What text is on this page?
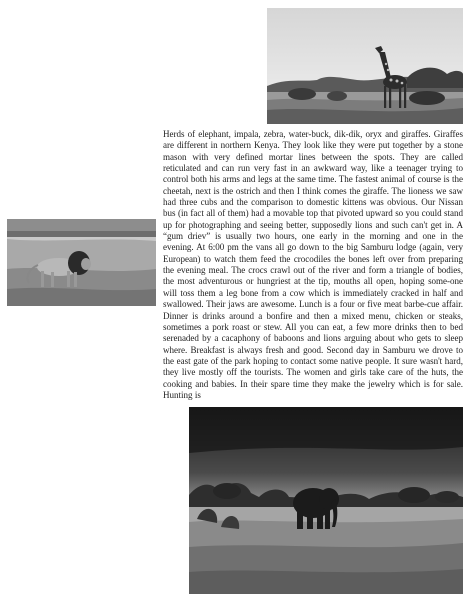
Herds of elephant, impala, zebra, water-buck, dik-dik, oryx and giraffes. Giraffes are different in northern Kenya. They look like they were put together by a stone mason with very defined mortar lines between the spots. They are called reticulated and can run very fast in an awkward way, like a teenager trying to control both his arms and legs at the same time. The fastest animal of course is the cheetah, next is the ostrich and then I think comes the giraffe. The lioness we saw had three cubs and the comparison to domestic kittens was obvious. Our Nissan bus (in fact all of them) had a movable top that pivoted upward so you could stand up for photographing and seeing better, supposedly lions and such can't get in. A “gum driev” is usually two hours, one early in the morning and one in the evening. At 6:00 pm the vans all go down to the big Samburu lodge (again, very European) to watch them feed the crocodiles the bones left over from preparing the evening meal. The crocs crawl out of the river and form a triangle of bodies, the most adventurous or hungriest at the tip, mouths all open, hoping some-one will toss them a leg bone from a cow which is immediately cracked in half and swallowed. Their jaws are awesome. Lunch is a four or five meat barbe-cue affair. Dinner is drinks around a bonfire and then a mixed menu, chicken or steaks, sometimes a pork roast or stew. All you can eat, a few more drinks then to bed serenaded by a cacaphony of baboons and lions arguing about who gets to sleep where. Breakfast is always fresh and good. Second day in Samburu we drove to the east gate of the park hoping to contact some native people. It sure wasn't hard, they live mostly off the tourists. The women and girls take care of the huts, the cooking and babies. In their spare time they make the jewelry which is for sale. Hunting is
